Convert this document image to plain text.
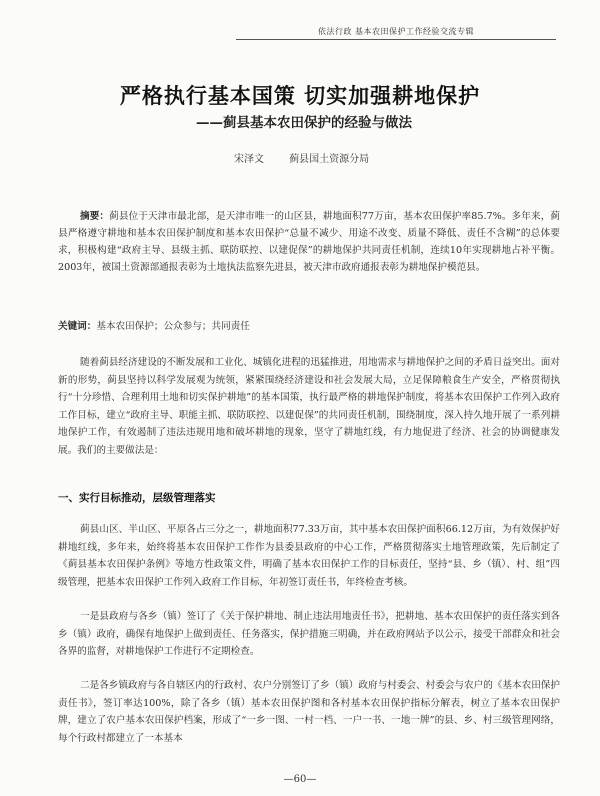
依法行政 基本农田保护工作经验交流专辑
严格执行基本国策 切实加强耕地保护
——蓟县基本农田保护的经验与做法
宋泽文	蓟县国土资源分局
摘要：蓟县位于天津市最北部，是天津市唯一的山区县，耕地面积77万亩，基本农田保护率85.7%。多年来，蓟县严格遵守耕地和基本农田保护制度和基本农田保护“总量不减少、用途不改变、质量不降低、责任不含糊”的总体要求，积极构建“政府主导、县级主抓、联防联控、以建促保”的耕地保护共同责任机制，连续10年实现耕地占补平衡。2003年，被国土资源部通报表彰为土地执法监察先进县，被天津市政府通报表彰为耕地保护模范县。
关键词：基本农田保护；公众参与；共同责任
随着蓟县经济建设的不断发展和工业化、城镇化进程的迅猛推进，用地需求与耕地保护之间的矛盾日益突出。面对新的形势，蓟县坚持以科学发展观为统领，紧紧围绕经济建设和社会发展大局，立足保障粮食生产安全，严格贯彻执行“十分珍惜、合理利用土地和切实保护耕地”的基本国策，执行最严格的耕地保护制度，将基本农田保护工作列入政府工作目标，建立“政府主导、职能主抓、联防联控、以建促保”的共同责任机制，围绕制度，深入持久地开展了一系列耕地保护工作，有效遏制了违法违规用地和破坏耕地的现象，坚守了耕地红线，有力地促进了经济、社会的协调健康发展。我们的主要做法是：
一、实行目标推动，层级管理落实
蓟县山区、半山区、平原各占三分之一，耕地面积77.33万亩，其中基本农田保护面积66.12万亩，为有效保护好耕地红线，多年来，始终将基本农田保护工作作为县委县政府的中心工作，严格贯彻落实土地管理政策，先后制定了《蓟县基本农田保护条例》等地方性政策文件，明确了基本农田保护工作的目标责任，坚持“县、乡（镇）、村、组”四级管理，把基本农田保护工作列入政府工作目标，年初签订责任书，年终检查考核。
一是县政府与各乡（镇）签订了《关于保护耕地、制止违法用地责任书》，把耕地、基本农田保护的责任落实到各乡（镇）政府，确保有地保护上做到责任、任务落实，保护措施三明确，并在政府网站予以公示，接受干部群众和社会各界的监督，对耕地保护工作进行不定期检查。
二是各乡镇政府与各自辖区内的行政村、农户分别签订了乡（镇）政府与村委会、村委会与农户的《基本农田保护责任书》，签订率达100%，除了各乡（镇）基本农田保护图和各村基本农田保护指标分解表，树立了基本农田保护牌，建立了农户基本农田保护档案，形成了“一乡一图、一村一档、一户一书、一地一牌”的县、乡、村三级管理网络，每个行政村都建立了一本基本
—60—
